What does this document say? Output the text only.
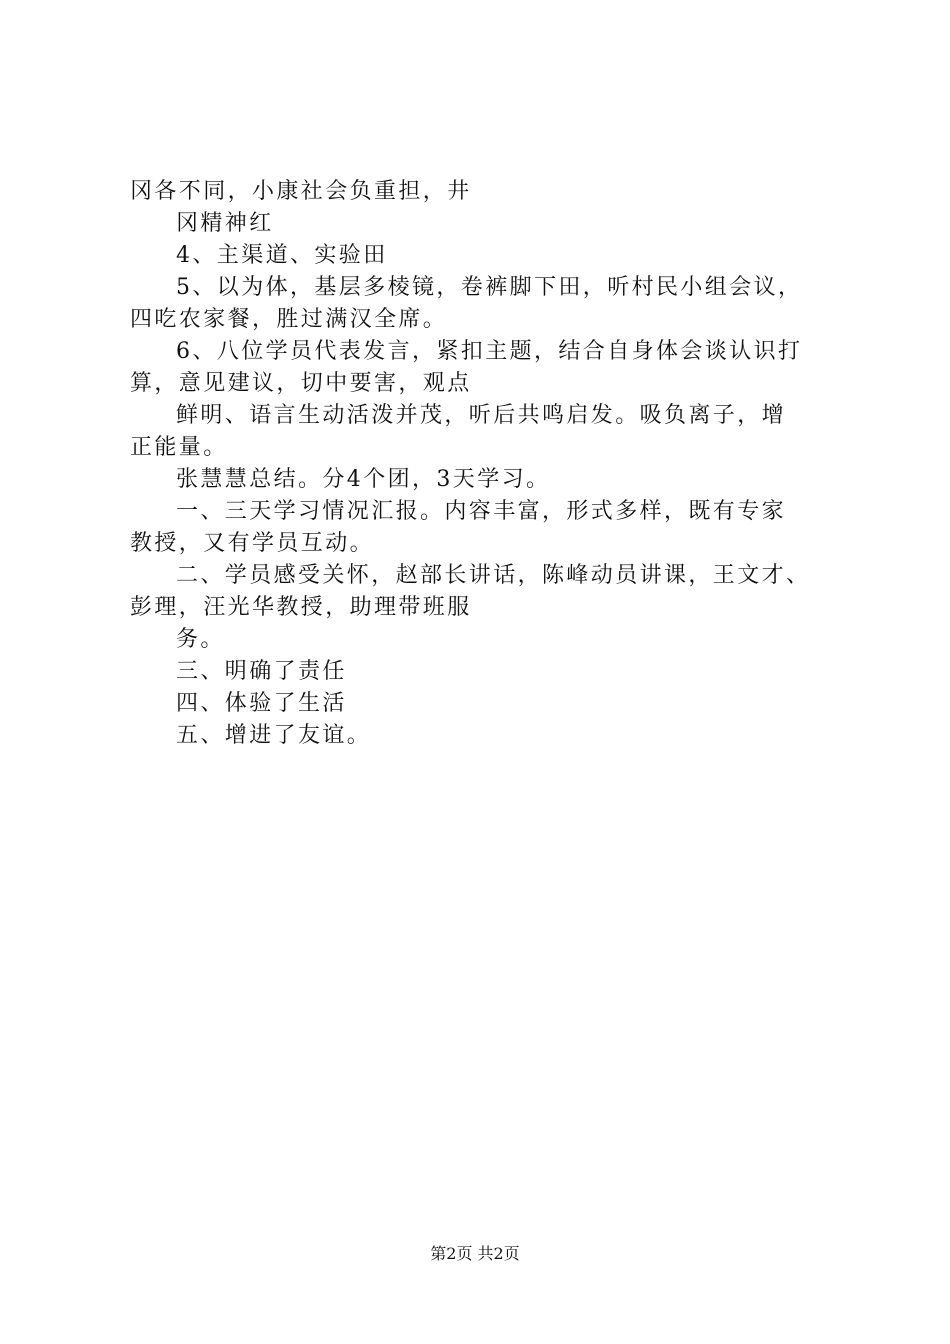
冈各不同，小康社会负重担，井
冈精神红
4、主渠道、实验田
5、以为体，基层多棱镜，卷裤脚下田，听村民小组会议，
四吃农家餐，胜过满汉全席。
6、八位学员代表发言，紧扣主题，结合自身体会谈认识打
算，意见建议，切中要害，观点
鲜明、语言生动活泼并茂，听后共鸣启发。吸负离子，增
正能量。
张慧慧总结。分4个团，3天学习。
一、三天学习情况汇报。内容丰富，形式多样，既有专家
教授，又有学员互动。
二、学员感受关怀，赵部长讲话，陈峰动员讲课，王文才、
彭理，汪光华教授，助理带班服
务。
三、明确了责任
四、体验了生活
五、增进了友谊。
第2页 共2页
